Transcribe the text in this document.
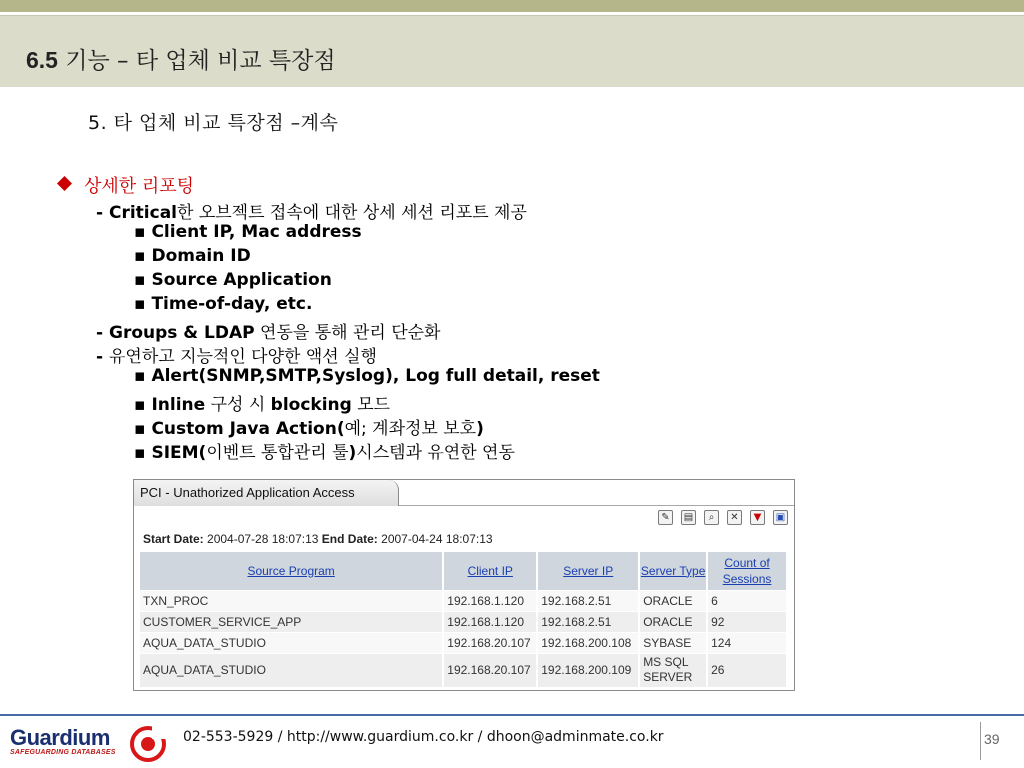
6.5 기능 – 타 업체 비교 특장점
5. 타 업체 비교 특장점 –계속
상세한 리포팅
- Critical한 오브젝트 접속에 대한 상세 세션 리포트 제공
▪ Client IP, Mac address
▪ Domain ID
▪ Source Application
▪ Time-of-day, etc.
- Groups & LDAP 연동을 통해 관리 단순화
- 유연하고 지능적인 다양한 액션 실행
▪ Alert(SNMP,SMTP,Syslog), Log full detail, reset
▪ Inline 구성 시 blocking 모드
▪ Custom Java Action(예; 계좌정보 보호)
▪ SIEM(이벤트 통합관리 툴)시스템과 유연한 연동
PCI - Unathorized Application Access
✎	▤	⌕	✕	▼	▣
Start Date: 2004-07-28 18:07:13 End Date: 2007-04-24 18:07:13
Source Program	Client IP	Server IP	Server Type	Count of Sessions
TXN_PROC	192.168.1.120	192.168.2.51	ORACLE	6
CUSTOMER_SERVICE_APP	192.168.1.120	192.168.2.51	ORACLE	92
AQUA_DATA_STUDIO	192.168.20.107	192.168.200.108	SYBASE	124
AQUA_DATA_STUDIO	192.168.20.107	192.168.200.109	MS SQL SERVER	26
Guardium
SAFEGUARDING DATABASES
02-553-5929 / http://www.guardium.co.kr / dhoon@adminmate.co.kr	39
